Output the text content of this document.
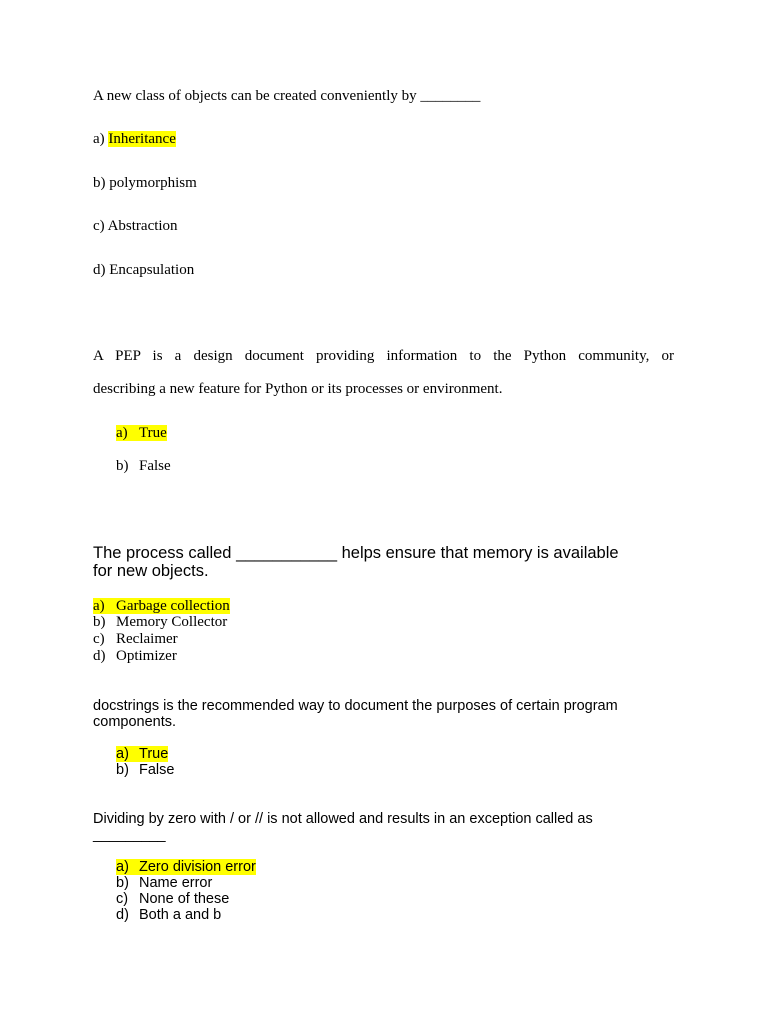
A new class of objects can be created conveniently by ________
a) Inheritance
b) polymorphism
c) Abstraction
d) Encapsulation
A PEP is a design document providing information to the Python community, or
describing a new feature for Python or its processes or environment.
a) True
b) False
The process called ___________ helps ensure that memory is available
for new objects.
a) Garbage collection
b) Memory Collector
c) Reclaimer
d) Optimizer
docstrings is the recommended way to document the purposes of certain program
components.
a) True
b) False
Dividing by zero with / or // is not allowed and results in an exception called as
_________
a) Zero division error
b) Name error
c) None of these
d) Both a and b
